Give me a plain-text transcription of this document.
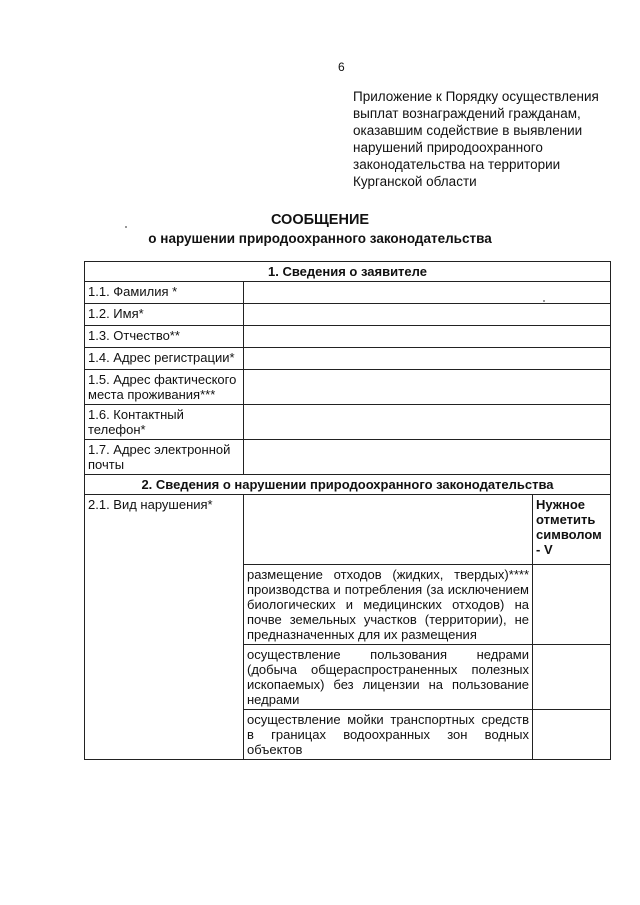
6
Приложение к Порядку осуществления
выплат вознаграждений гражданам,
оказавшим содействие в выявлении
нарушений природоохранного
законодательства на территории
Курганской области
СООБЩЕНИЕ
о нарушении природоохранного законодательства
1. Сведения о заявителе		
1.1. Фамилия *		
1.2. Имя*		
1.3. Отчество**		
1.4. Адрес регистрации*		
1.5. Адрес фактического места проживания***		
1.6. Контактный телефон*		
1.7. Адрес электронной почты		
2. Сведения о нарушении природоохранного законодательства		
2.1. Вид нарушения*		Нужное отметить символом - V
	размещение отходов (жидких, твердых)**** производства и потребления (за исключением биологических и медицинских отходов) на почве земельных участков (территории), не предназначенных для их размещения	
	осуществление пользования недрами (добыча общераспространенных полезных ископаемых) без лицензии на пользование недрами	
	осуществление мойки транспортных средств в границах водоохранных зон водных объектов	
